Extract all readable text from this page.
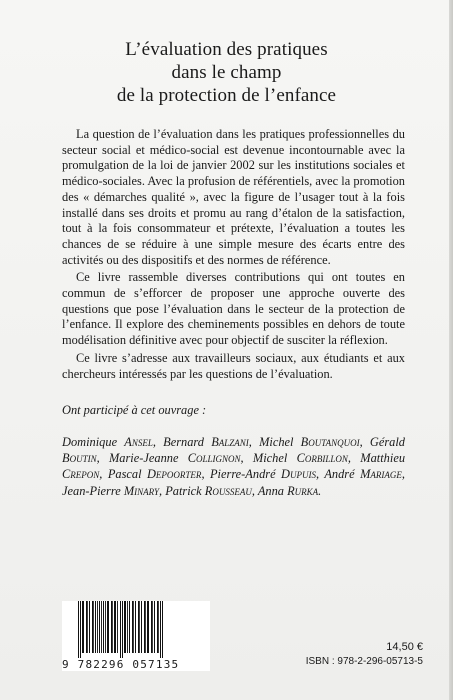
L’évaluation des pratiques
dans le champ
de la protection de l’enfance

La question de l’évaluation dans les pratiques professionnelles du secteur social et médico-social est devenue incontournable avec la promulgation de la loi de janvier 2002 sur les institutions sociales et médico-sociales. Avec la profusion de référentiels, avec la promotion des « démarches qualité », avec la figure de l’usager tout à la fois installé dans ses droits et promu au rang d’étalon de la satisfaction, tout à la fois consommateur et prétexte, l’évaluation a toutes les chances de se réduire à une simple mesure des écarts entre des activités ou des dispositifs et des normes de référence.

Ce livre rassemble diverses contributions qui ont toutes en commun de s’efforcer de proposer une approche ouverte des questions que pose l’évaluation dans le secteur de la protection de l’enfance. Il explore des cheminements possibles en dehors de toute modélisation définitive avec pour objectif de susciter la réflexion.

Ce livre s’adresse aux travailleurs sociaux, aux étudiants et aux chercheurs intéressés par les questions de l’évaluation.

Ont participé à cet ouvrage :
Dominique Ansel, Bernard Balzani, Michel Boutanquoi, Gérald Boutin, Marie-Jeanne Collignon, Michel Corbillon, Matthieu Crepon, Pascal Depoorter, Pierre-André Dupuis, André Mariage, Jean-Pierre Minary, Patrick Rousseau, Anna Rurka.
9 782296 057135
14,50 €
ISBN : 978-2-296-05713-5
